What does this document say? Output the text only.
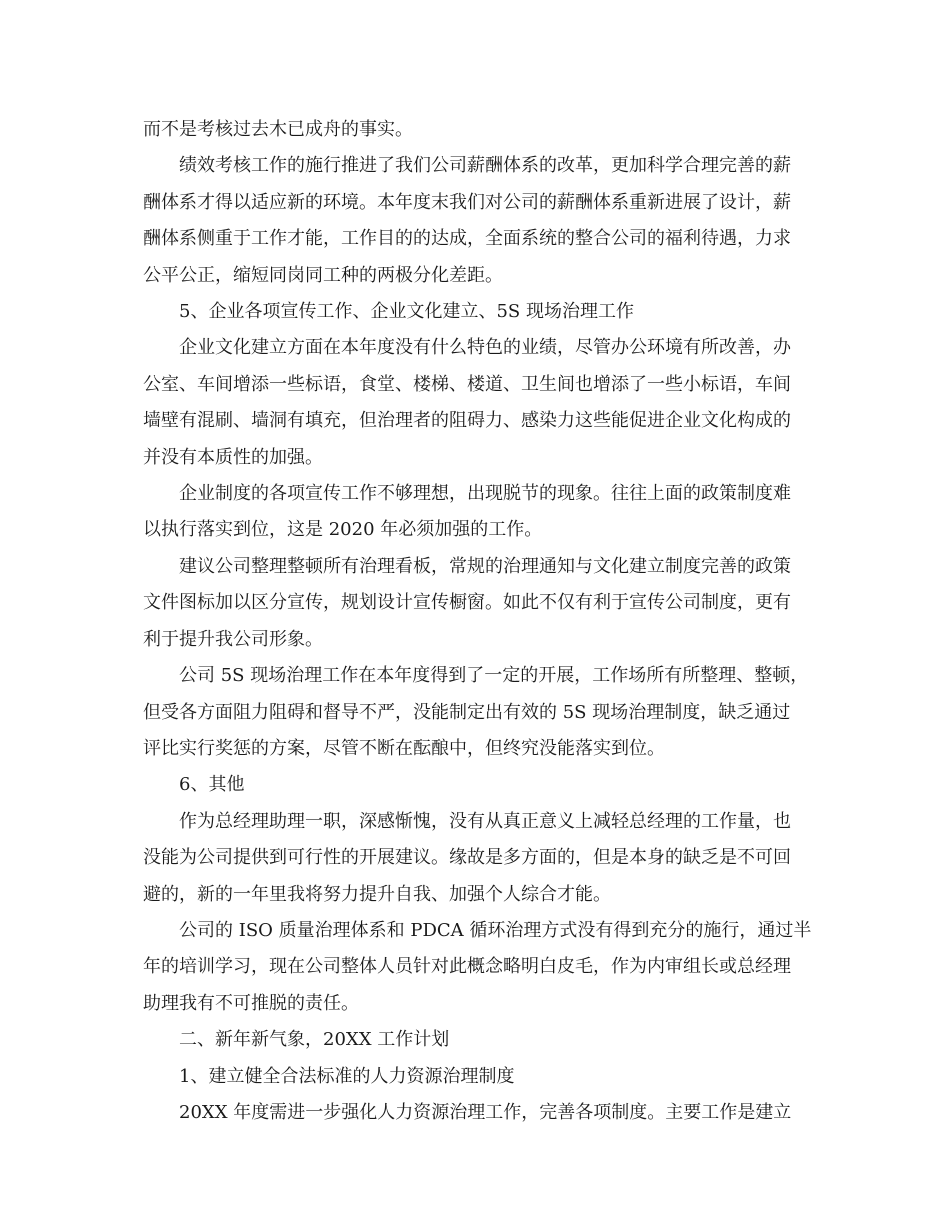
而不是考核过去木已成舟的事实。
绩效考核工作的施行推进了我们公司薪酬体系的改革，更加科学合理完善的薪
酬体系才得以适应新的环境。本年度末我们对公司的薪酬体系重新进展了设计，薪
酬体系侧重于工作才能，工作目的的达成，全面系统的整合公司的福利待遇，力求
公平公正，缩短同岗同工种的两极分化差距。
5、企业各项宣传工作、企业文化建立、5S 现场治理工作
企业文化建立方面在本年度没有什么特色的业绩，尽管办公环境有所改善，办
公室、车间增添一些标语，食堂、楼梯、楼道、卫生间也增添了一些小标语，车间
墙壁有混刷、墙洞有填充，但治理者的阻碍力、感染力这些能促进企业文化构成的
并没有本质性的加强。
企业制度的各项宣传工作不够理想，出现脱节的现象。往往上面的政策制度难
以执行落实到位，这是 2020 年必须加强的工作。
建议公司整理整顿所有治理看板，常规的治理通知与文化建立制度完善的政策
文件图标加以区分宣传，规划设计宣传橱窗。如此不仅有利于宣传公司制度，更有
利于提升我公司形象。
公司 5S 现场治理工作在本年度得到了一定的开展，工作场所有所整理、整顿，
但受各方面阻力阻碍和督导不严，没能制定出有效的 5S 现场治理制度，缺乏通过
评比实行奖惩的方案，尽管不断在酝酿中，但终究没能落实到位。
6、其他
作为总经理助理一职，深感惭愧，没有从真正意义上减轻总经理的工作量，也
没能为公司提供到可行性的开展建议。缘故是多方面的，但是本身的缺乏是不可回
避的，新的一年里我将努力提升自我、加强个人综合才能。
公司的 ISO 质量治理体系和 PDCA 循环治理方式没有得到充分的施行，通过半
年的培训学习，现在公司整体人员针对此概念略明白皮毛，作为内审组长或总经理
助理我有不可推脱的责任。
二、新年新气象，20XX 工作计划
1、建立健全合法标准的人力资源治理制度
20XX 年度需进一步强化人力资源治理工作，完善各项制度。主要工作是建立
